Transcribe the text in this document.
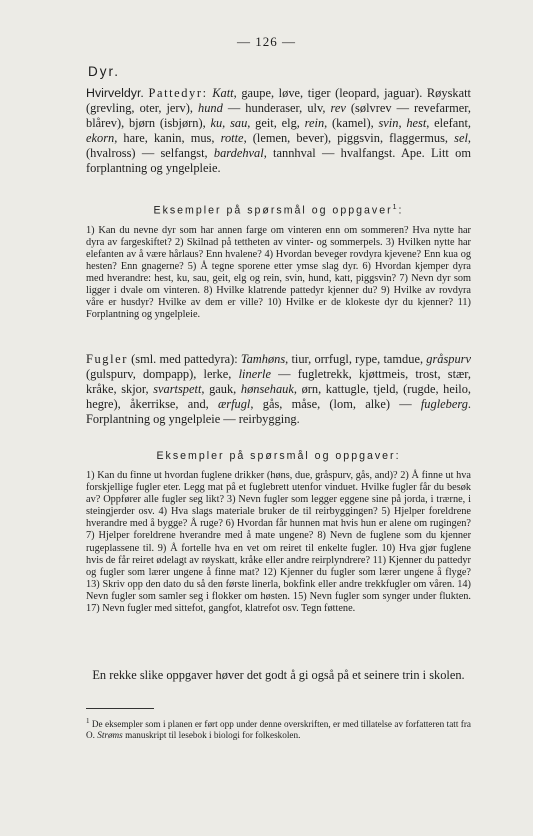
— 126 —
Dyr.

Hvirveldyr. Pattedyr: Katt, gaupe, løve, tiger (leopard, jaguar). Røyskatt (grevling, oter, jerv), hund — hunderaser, ulv, rev (sølvrev — revefarmer, blårev), bjørn (isbjørn), ku, sau, geit, elg, rein, (kamel), svin, hest, elefant, ekorn, hare, kanin, mus, rotte, (lemen, bever), piggsvin, flaggermus, sel, (hvalross) — selfangst, bardehval, tannhval — hvalfangst. Ape. Litt om forplantning og yngelpleie.

Eksempler på spørsmål og oppgaver$^1$:

1) Kan du nevne dyr som har annen farge om vinteren enn om sommeren? Hva nytte har dyra av fargeskiftet? 2) Skilnad på tettheten av vinter- og sommerpels. 3) Hvilken nytte har elefanten av å være hårlaus? Enn hvalene? 4) Hvordan beveger rovdyra kjevene? Enn kua og hesten? Enn gnagerne? 5) Å tegne sporene etter ymse slag dyr. 6) Hvordan kjemper dyra med hverandre: hest, ku, sau, geit, elg og rein, svin, hund, katt, piggsvin? 7) Nevn dyr som ligger i dvale om vinteren. 8) Hvilke klatrende pattedyr kjenner du? 9) Hvilke av rovdyra våre er husdyr? Hvilke av dem er ville? 10) Hvilke er de klokeste dyr du kjenner? 11) Forplantning og yngelpleie.

Fugler (sml. med pattedyra): Tamhøns, tiur, orrfugl, rype, tamdue, gråspurv (gulspurv, dompapp), lerke, linerle — fugletrekk, kjøttmeis, trost, stær, kråke, skjor, svartspett, gauk, hønsehauk, ørn, kattugle, tjeld, (rugde, heilo, hegre), åkerrikse, and, ærfugl, gås, måse, (lom, alke) — fugleberg. Forplantning og yngelpleie — reirbygging.

Eksempler på spørsmål og oppgaver:

1) Kan du finne ut hvordan fuglene drikker (høns, due, gråspurv, gås, and)? 2) Å finne ut hva forskjellige fugler eter. Legg mat på et fuglebrett utenfor vinduet. Hvilke fugler får du besøk av? Oppfører alle fugler seg likt? 3) Nevn fugler som legger eggene sine på jorda, i trærne, i steingjerder osv. 4) Hva slags materiale bruker de til reirbyggingen? 5) Hjelper foreldrene hverandre med å bygge? Å ruge? 6) Hvordan får hunnen mat hvis hun er alene om rugingen? 7) Hjelper foreldrene hverandre med å mate ungene? 8) Nevn de fuglene som du kjenner rugeplassene til. 9) Å fortelle hva en vet om reiret til enkelte fugler. 10) Hva gjør fuglene hvis de får reiret ødelagt av røyskatt, kråke eller andre reirplyndrere? 11) Kjenner du pattedyr og fugler som lærer ungene å finne mat? 12) Kjenner du fugler som lærer ungene å flyge? 13) Skriv opp den dato du så den første linerla, bokfink eller andre trekkfugler om våren. 14) Nevn fugler som samler seg i flokker om høsten. 15) Nevn fugler som synger under flukten. 17) Nevn fugler med sittefot, gangfot, klatrefot osv. Tegn føttene.

En rekke slike oppgaver høver det godt å gi også på et seinere trin i skolen.

$^1$ De eksempler som i planen er ført opp under denne overskriften, er med tillatelse av forfatteren tatt fra O. Strøms manuskript til lesebok i biologi for folkeskolen.
